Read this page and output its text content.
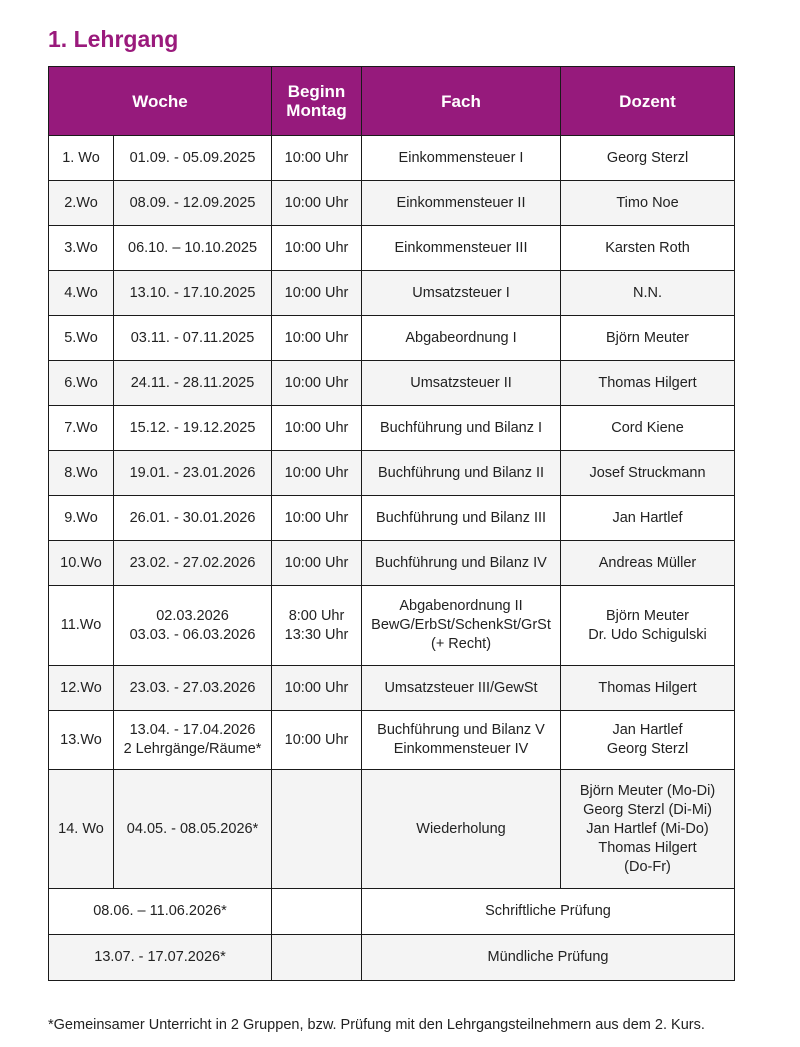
1. Lehrgang
Woche		Beginn
Montag	Fach	Dozent
1. Wo	01.09. - 05.09.2025	10:00 Uhr	Einkommensteuer I	Georg Sterzl

2.Wo	08.09. - 12.09.2025	10:00 Uhr	Einkommensteuer II	Timo Noe

3.Wo	06.10. – 10.10.2025	10:00 Uhr	Einkommensteuer III	Karsten Roth

4.Wo	13.10. - 17.10.2025	10:00 Uhr	Umsatzsteuer I	N.N.

5.Wo	03.11. - 07.11.2025	10:00 Uhr	Abgabeordnung I	Björn Meuter

6.Wo	24.11. - 28.11.2025	10:00 Uhr	Umsatzsteuer II	Thomas Hilgert

7.Wo	15.12. - 19.12.2025	10:00 Uhr	Buchführung und Bilanz I	Cord Kiene

8.Wo	19.01. - 23.01.2026	10:00 Uhr	Buchführung und Bilanz II	Josef Struckmann

9.Wo	26.01. - 30.01.2026	10:00 Uhr	Buchführung und Bilanz III	Jan Hartlef

10.Wo	23.02. - 27.02.2026	10:00 Uhr	Buchführung und Bilanz IV	Andreas Müller

11.Wo	02.03.2026
03.03. - 06.03.2026	8:00 Uhr
13:30 Uhr	Abgabenordnung II
BewG/ErbSt/SchenkSt/GrSt
(+ Recht)	Björn Meuter
Dr. Udo Schigulski

12.Wo	23.03. - 27.03.2026	10:00 Uhr	Umsatzsteuer III/GewSt	Thomas Hilgert

13.Wo	13.04. - 17.04.2026
2 Lehrgänge/Räume*	10:00 Uhr	Buchführung und Bilanz V
Einkommensteuer IV	Jan Hartlef
Georg Sterzl

14. Wo	04.05. - 08.05.2026*		Wiederholung	Björn Meuter (Mo-Di)
Georg Sterzl (Di-Mi)
Jan Hartlef (Mi-Do)
Thomas Hilgert
(Do-Fr)

08.06. – 11.06.2026*			Schriftliche Prüfung	
13.07. - 17.07.2026*			Mündliche Prüfung	
*Gemeinsamer Unterricht in 2 Gruppen, bzw. Prüfung mit den Lehrgangsteilnehmern aus dem 2. Kurs.
